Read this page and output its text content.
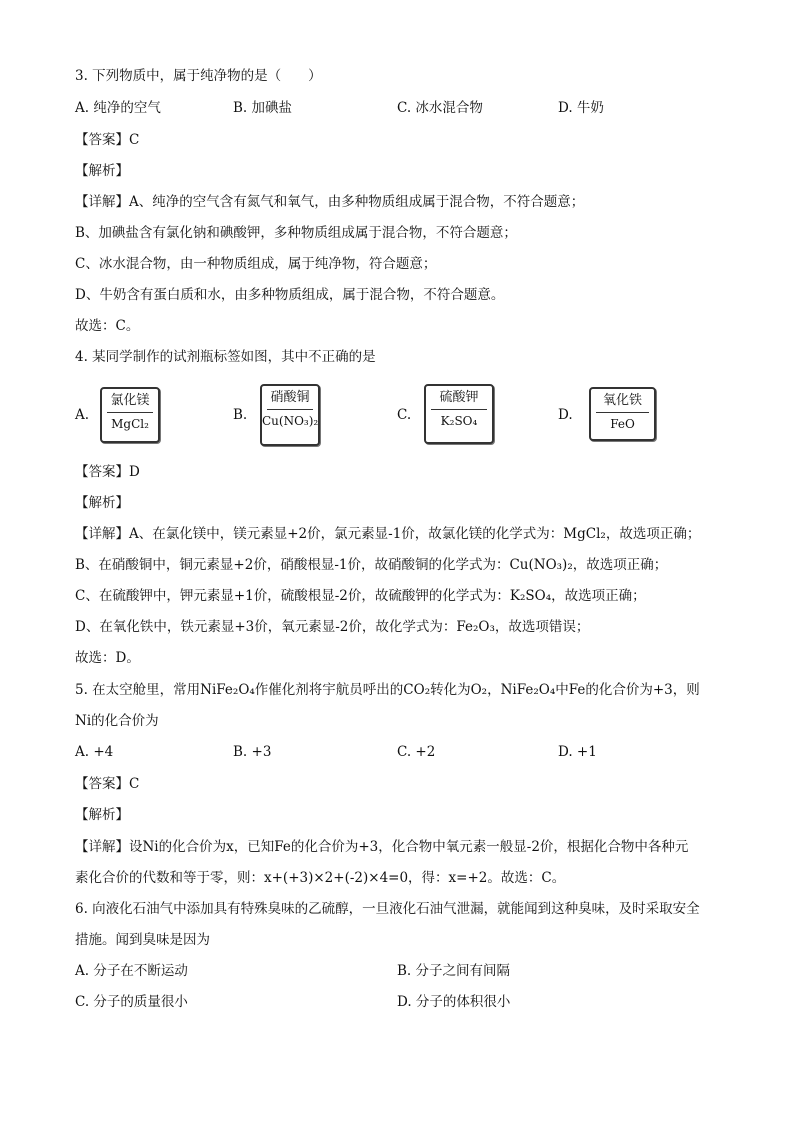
3. 下列物质中，属于纯净物的是（　　）
A. 纯净的空气	B. 加碘盐	C. 冰水混合物	D. 牛奶
【答案】C
【解析】
【详解】A、纯净的空气含有氮气和氧气，由多种物质组成属于混合物，不符合题意；
B、加碘盐含有氯化钠和碘酸钾，多种物质组成属于混合物，不符合题意；
C、冰水混合物，由一种物质组成，属于纯净物，符合题意；
D、牛奶含有蛋白质和水，由多种物质组成，属于混合物，不符合题意。
故选：C。
4. 某同学制作的试剂瓶标签如图，其中不正确的是
A.
氯化镁
MgCl₂
B.
硝酸铜
Cu(NO₃)₂	C.
硫酸钾
K₂SO₄	D.
氧化铁
FeO
【答案】D
【解析】
【详解】A、在氯化镁中，镁元素显+2价，氯元素显-1价，故氯化镁的化学式为：MgCl₂，故选项正确；
B、在硝酸铜中，铜元素显+2价，硝酸根显-1价，故硝酸铜的化学式为：Cu(NO₃)₂，故选项正确；
C、在硫酸钾中，钾元素显+1价，硫酸根显-2价，故硫酸钾的化学式为：K₂SO₄，故选项正确；
D、在氧化铁中，铁元素显+3价，氧元素显-2价，故化学式为：Fe₂O₃，故选项错误；
故选：D。
5. 在太空舱里，常用NiFe₂O₄作催化剂将宇航员呼出的CO₂转化为O₂，NiFe₂O₄中Fe的化合价为+3，则
Ni的化合价为
A. +4	B. +3	C. +2	D. +1
【答案】C
【解析】
【详解】设Ni的化合价为x，已知Fe的化合价为+3，化合物中氧元素一般显-2价，根据化合物中各种元
素化合价的代数和等于零，则：x+(+3)×2+(-2)×4=0，得：x=+2。故选：C。
6. 向液化石油气中添加具有特殊臭味的乙硫醇，一旦液化石油气泄漏，就能闻到这种臭味，及时采取安全
措施。闻到臭味是因为
A. 分子在不断运动	B. 分子之间有间隔
C. 分子的质量很小	D. 分子的体积很小
